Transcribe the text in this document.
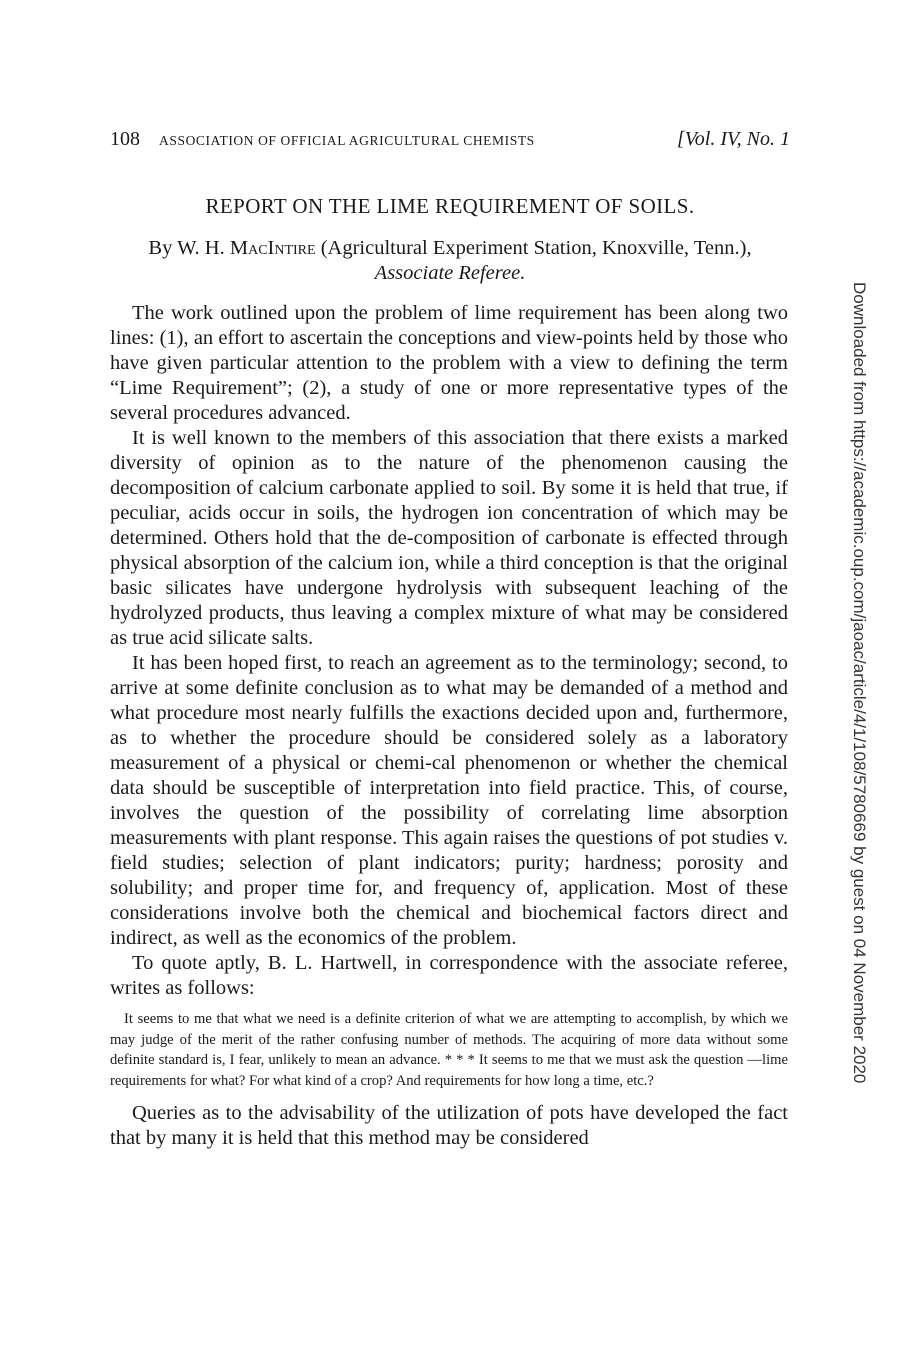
108 ASSOCIATION OF OFFICIAL AGRICULTURAL CHEMISTS	[Vol. IV, No. 1
REPORT ON THE LIME REQUIREMENT OF SOILS.
By W. H. MacIntire (Agricultural Experiment Station, Knoxville, Tenn.), Associate Referee.

The work outlined upon the problem of lime requirement has been along two lines: (1), an effort to ascertain the conceptions and view-points held by those who have given particular attention to the problem with a view to defining the term “Lime Requirement”; (2), a study of one or more representative types of the several procedures advanced.

It is well known to the members of this association that there exists a marked diversity of opinion as to the nature of the phenomenon causing the decomposition of calcium carbonate applied to soil. By some it is held that true, if peculiar, acids occur in soils, the hydrogen ion concentration of which may be determined. Others hold that the de-composition of carbonate is effected through physical absorption of the calcium ion, while a third conception is that the original basic silicates have undergone hydrolysis with subsequent leaching of the hydrolyzed products, thus leaving a complex mixture of what may be considered as true acid silicate salts.

It has been hoped first, to reach an agreement as to the terminology; second, to arrive at some definite conclusion as to what may be demanded of a method and what procedure most nearly fulfills the exactions decided upon and, furthermore, as to whether the procedure should be considered solely as a laboratory measurement of a physical or chemi-cal phenomenon or whether the chemical data should be susceptible of interpretation into field practice. This, of course, involves the question of the possibility of correlating lime absorption measurements with plant response. This again raises the questions of pot studies v. field studies; selection of plant indicators; purity; hardness; porosity and solubility; and proper time for, and frequency of, application. Most of these considerations involve both the chemical and biochemical factors direct and indirect, as well as the economics of the problem.

To quote aptly, B. L. Hartwell, in correspondence with the associate referee, writes as follows:

It seems to me that what we need is a definite criterion of what we are attempting to accomplish, by which we may judge of the merit of the rather confusing number of methods. The acquiring of more data without some definite standard is, I fear, unlikely to mean an advance. * * * It seems to me that we must ask the question —lime requirements for what? For what kind of a crop? And requirements for how long a time, etc.?

Queries as to the advisability of the utilization of pots have developed the fact that by many it is held that this method may be considered

Downloaded from https://academic.oup.com/jaoac/article/4/1/108/5780669 by guest on 04 November 2020
